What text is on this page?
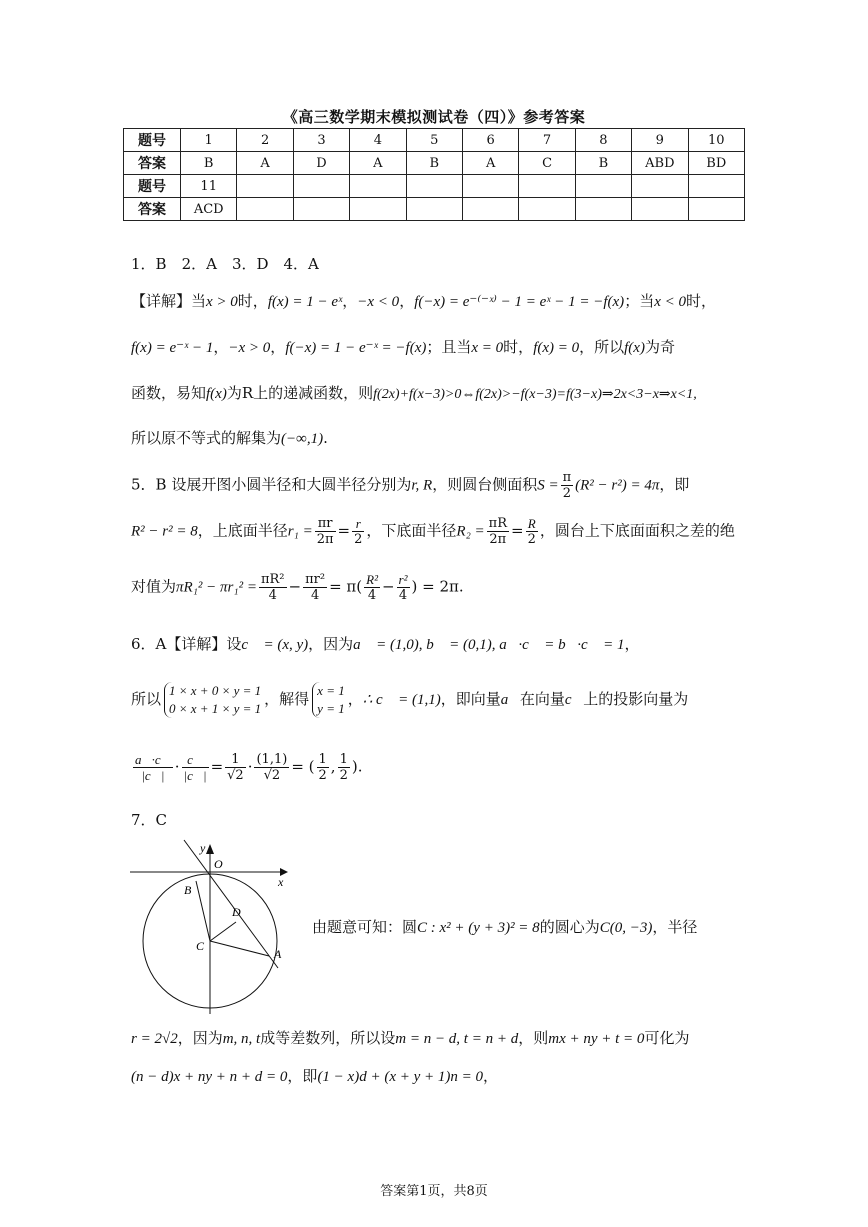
《高三数学期末模拟测试卷（四）》参考答案
题号	1	2	3	4	5	6	7	8	9	10
答案	B	A	D	A	B	A	C	B	ABD	BD
题号	11									
答案	ACD									
1．B　2．A　3．D　4．A
【详解】当x > 0时，f(x) = 1 − eˣ，−x < 0，f(−x) = e⁻⁽⁻ˣ⁾ − 1 = eˣ − 1 = −f(x)；当x < 0时，
f(x) = e⁻ˣ − 1，−x > 0，f(−x) = 1 − e⁻ˣ = −f(x)；且当x = 0时，f(x) = 0，所以f(x)为奇
函数，易知f(x)为R上的递减函数，则f(2x)+f(x−3)>0⇔f(2x)>−f(x−3)=f(3−x)⇒2x<3−x⇒x<1,
所以原不等式的解集为(−∞,1).
5．B 设展开图小圆半径和大圆半径分别为r, R，则圆台侧面积$S = \frac{\pi}{2} (R^2 - r^2) = 4\pi$，即
R² − r² = 8，上底面半径$r_1 = \frac{\pi r}{2\pi} = \frac{r}{2}$ ，下底面半径$R_2 = \frac{\pi R}{2\pi} = \frac{R}{2}$ ，圆台上下底面面积之差的绝
对值为$\pi R_1^2 - \pi r_1^2 = \frac{\text{πR²}}{4} - \frac{\text{πr²}}{4} = \pi( \frac{\text{R²}}{4} - \frac{\text{r²}}{4}$ ) = 2π.
6．A【详解】设c⃗ = (x, y)，因为a⃗ = (1,0), b⃗ = (0,1), a⃗·c⃗ = b⃗·c⃗ = 1，
所以 1 × x + 0 × y = 1
0 × x + 1 × y = 1
，解得 x = 1
y = 1
，∴ c⃗ = (1,1)，即向量a⃗在向量c⃗上的投影向量为
$\frac{a⃗\cdot c⃗}{|c⃗|} \cdot \frac{c⃗}{|c⃗|} = \frac{1}{√2} \cdot \frac{(1,1)}{√2}$ = ( $\frac{1}{2}$ , $\frac{1}{2}$ ).
7．C
y
x
O
B
D
C
A
由题意可知：圆C : x² + (y + 3)² = 8的圆心为C(0, −3)，半径
r = 2√2，因为m, n, t成等差数列，所以设m = n − d, t = n + d，则mx + ny + t = 0可化为
(n − d)x + ny + n + d = 0，即(1 − x)d + (x + y + 1)n = 0，
答案第1页，共8页
